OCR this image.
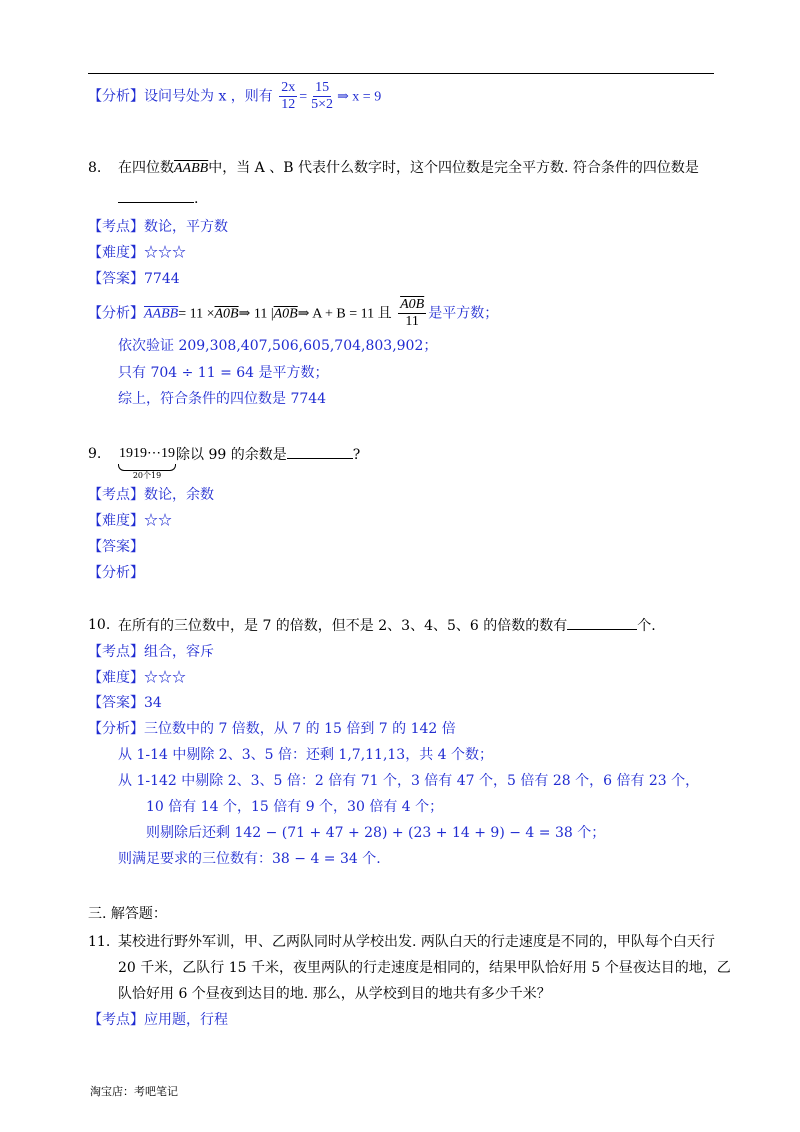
【分析】设问号处为 x ，则有 $\frac{2x}{12} = \frac{15}{5\times 2}$ ⇒ x = 9
8. 在四位数AABB中，当 A 、B 代表什么数字时，这个四位数是完全平方数. 符合条件的四位数是
.
【考点】数论，平方数
【难度】☆☆☆
【答案】7744
【分析】AABB= 11 ×A0B⇒ 11 |A0B⇒ A + B = 11 且 $\frac{A0B}{11}$ 是平方数；
依次验证 209,308,407,506,605,704,803,902；
只有 704 ÷ 11 = 64 是平方数；
综上，符合条件的四位数是 7744
9. 1919⋯19
20个19
除以 99 的余数是	?
【考点】数论，余数
【难度】☆☆
【答案】
【分析】
10. 在所有的三位数中，是 7 的倍数，但不是 2、3、4、5、6 的倍数的数有	个.
【考点】组合，容斥
【难度】☆☆☆
【答案】34
【分析】三位数中的 7 倍数，从 7 的 15 倍到 7 的 142 倍
从 1-14 中剔除 2、3、5 倍：还剩 1,7,11,13，共 4 个数；
从 1-142 中剔除 2、3、5 倍：2 倍有 71 个，3 倍有 47 个，5 倍有 28 个，6 倍有 23 个，
10 倍有 14 个，15 倍有 9 个，30 倍有 4 个；
则剔除后还剩 142 − (71 + 47 + 28) + (23 + 14 + 9) − 4 = 38 个；
则满足要求的三位数有：38 − 4 = 34 个.
三. 解答题：
11. 某校进行野外军训，甲、乙两队同时从学校出发. 两队白天的行走速度是不同的，甲队每个白天行
20 千米，乙队行 15 千米，夜里两队的行走速度是相同的，结果甲队恰好用 5 个昼夜达目的地，乙
队恰好用 6 个昼夜到达目的地. 那么，从学校到目的地共有多少千米？
【考点】应用题，行程
淘宝店：考吧笔记
